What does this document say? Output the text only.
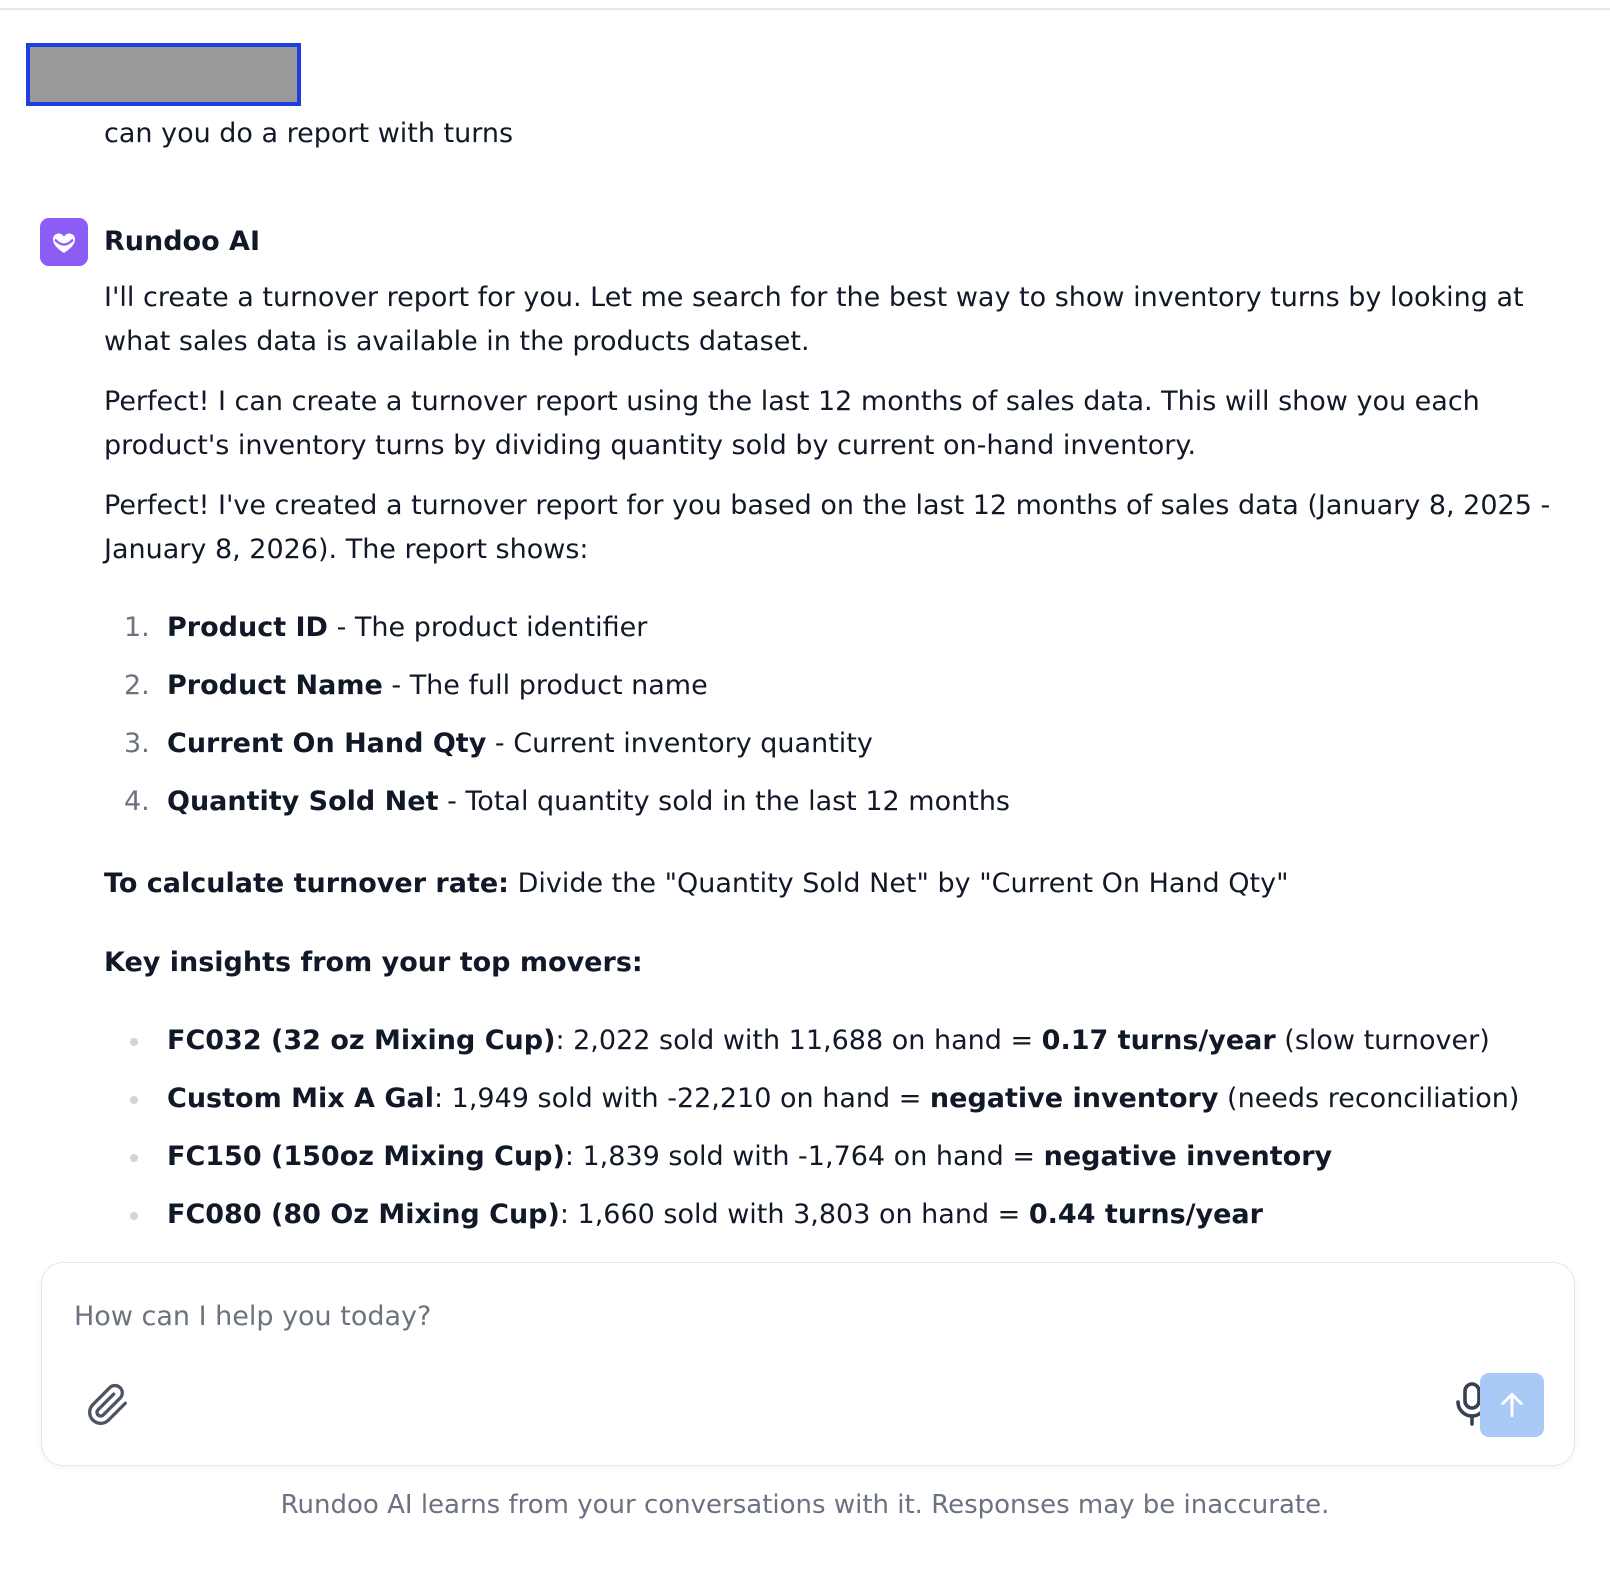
can you do a report with turns
Rundoo AI

I'll create a turnover report for you. Let me search for the best way to show inventory turns by looking at what sales data is available in the products dataset.

Perfect! I can create a turnover report using the last 12 months of sales data. This will show you each product's inventory turns by dividing quantity sold by current on-hand inventory.

Perfect! I've created a turnover report for you based on the last 12 months of sales data (January 8, 2025 - January 8, 2026). The report shows:

1. Product ID - The product identifier
2. Product Name - The full product name
3. Current On Hand Qty - Current inventory quantity
4. Quantity Sold Net - Total quantity sold in the last 12 months

To calculate turnover rate: Divide the "Quantity Sold Net" by "Current On Hand Qty"

Key insights from your top movers:

FC032 (32 oz Mixing Cup): 2,022 sold with 11,688 on hand = 0.17 turns/year (slow turnover)
Custom Mix A Gal: 1,949 sold with -22,210 on hand = negative inventory (needs reconciliation)
FC150 (150oz Mixing Cup): 1,839 sold with -1,764 on hand = negative inventory
FC080 (80 Oz Mixing Cup): 1,660 sold with 3,803 on hand = 0.44 turns/year
How can I help you today?
Rundoo AI learns from your conversations with it. Responses may be inaccurate.
